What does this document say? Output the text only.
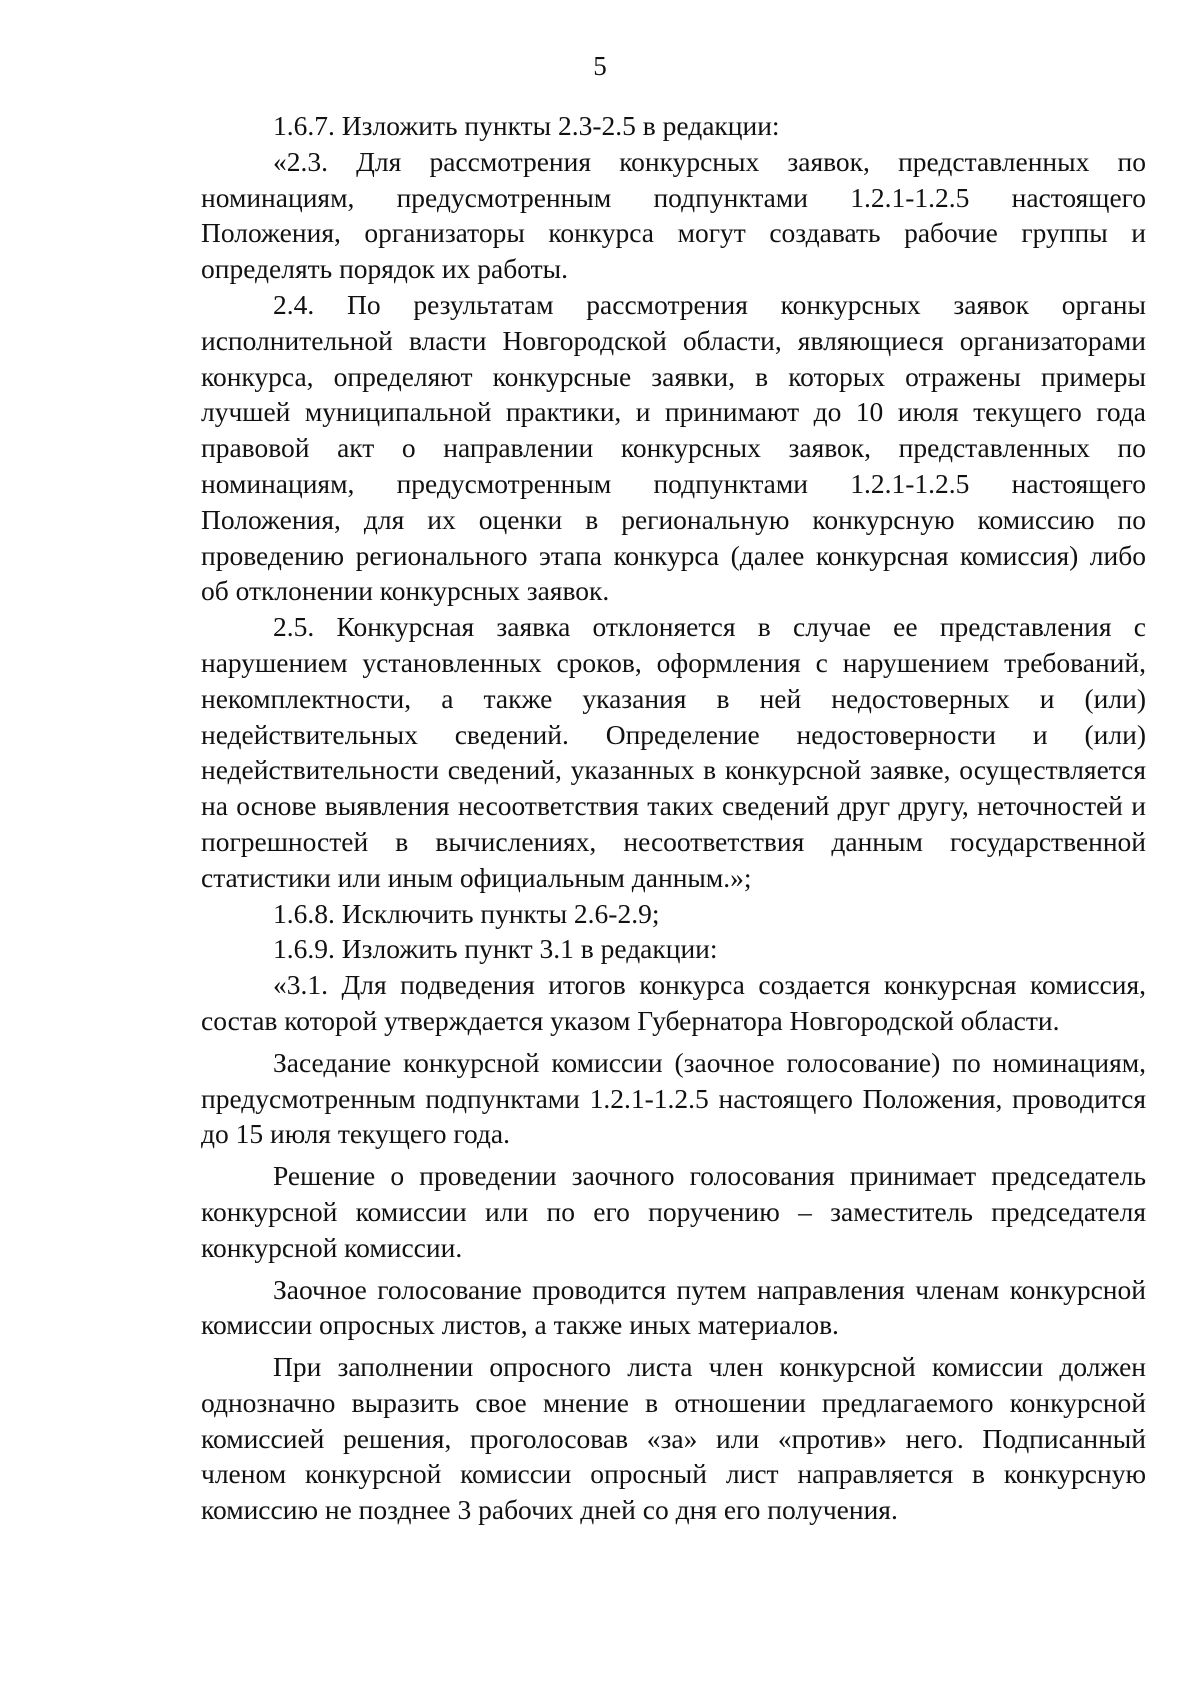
5

1.6.7. Изложить пункты 2.3-2.5 в редакции:

«2.3. Для рассмотрения конкурсных заявок, представленных по номинациям, предусмотренным подпунктами 1.2.1-1.2.5 настоящего Положения, организаторы конкурса могут создавать рабочие группы и определять порядок их работы.

2.4. По результатам рассмотрения конкурсных заявок органы исполнительной власти Новгородской области, являющиеся организаторами конкурса, определяют конкурсные заявки, в которых отражены примеры лучшей муниципальной практики, и принимают до 10 июля текущего года правовой акт о направлении конкурсных заявок, представленных по номинациям, предусмотренным подпунктами 1.2.1-1.2.5 настоящего Положения, для их оценки в региональную конкурсную комиссию по проведению регионального этапа конкурса (далее конкурсная комиссия) либо об отклонении конкурсных заявок.

2.5. Конкурсная заявка отклоняется в случае ее представления с нарушением установленных сроков, оформления с нарушением требований, некомплектности, а также указания в ней недостоверных и (или) недействительных сведений. Определение недостоверности и (или) недействительности сведений, указанных в конкурсной заявке, осуществляется на основе выявления несоответствия таких сведений друг другу, неточностей и погрешностей в вычислениях, несоответствия данным государственной статистики или иным официальным данным.»;

1.6.8. Исключить пункты 2.6-2.9;

1.6.9. Изложить пункт 3.1 в редакции:

«3.1. Для подведения итогов конкурса создается конкурсная комиссия, состав которой утверждается указом Губернатора Новгородской области.

Заседание конкурсной комиссии (заочное голосование) по номинациям, предусмотренным подпунктами 1.2.1-1.2.5 настоящего Положения, проводится до 15 июля текущего года.

Решение о проведении заочного голосования принимает председатель конкурсной комиссии или по его поручению – заместитель председателя конкурсной комиссии.

Заочное голосование проводится путем направления членам конкурсной комиссии опросных листов, а также иных материалов.

При заполнении опросного листа член конкурсной комиссии должен однозначно выразить свое мнение в отношении предлагаемого конкурсной комиссией решения, проголосовав «за» или «против» него. Подписанный членом конкурсной комиссии опросный лист направляется в конкурсную комиссию не позднее 3 рабочих дней со дня его получения.
